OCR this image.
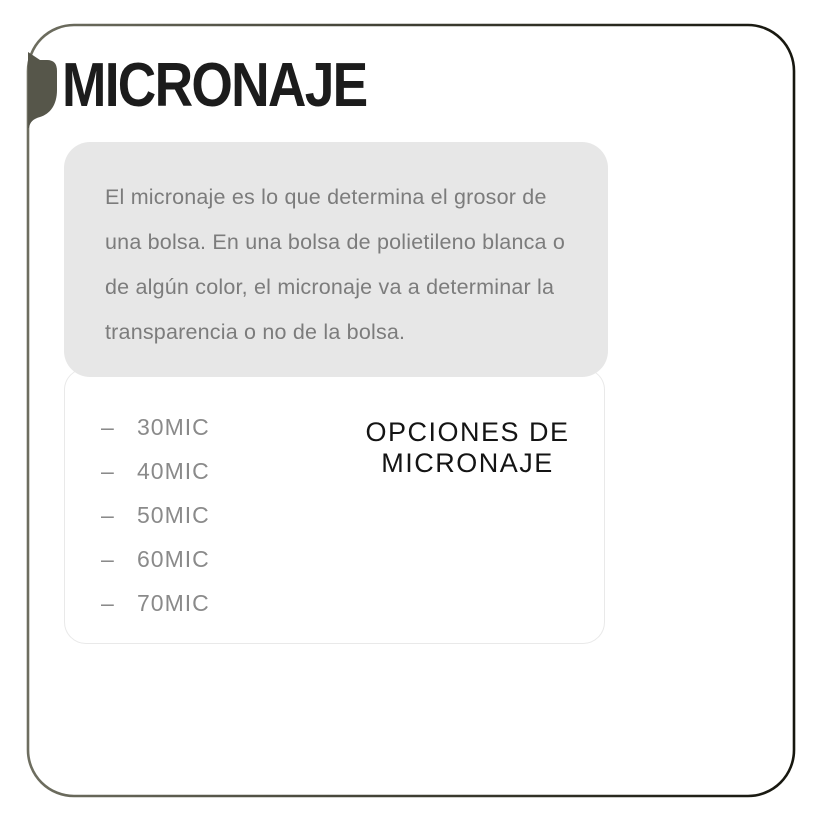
MICRONAJE
El micronaje es lo que determina el grosor de
una bolsa. En una bolsa de polietileno blanca o
de algún color, el micronaje va a determinar la
transparencia o no de la bolsa.
– 30MIC
– 40MIC
– 50MIC
– 60MIC
– 70MIC
OPCIONES DE
MICRONAJE
